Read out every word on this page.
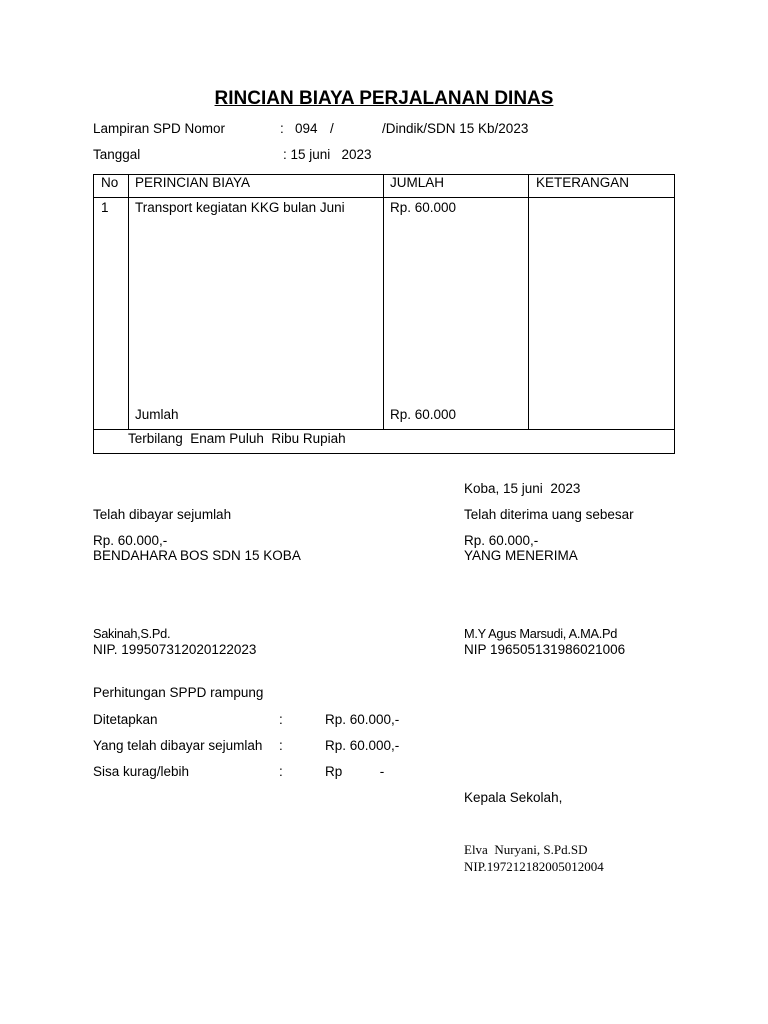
RINCIAN BIAYA PERJALANAN DINAS
Lampiran SPD Nomor	: 094 /	/Dindik/SDN 15 Kb/2023
Tanggal	: 15 juni   2023
No PERINCIAN BIAYA	JUMLAH	KETERANGAN
1 Transport kegiatan KKG bulan Juni	Rp. 60.000
Jumlah	Rp. 60.000
Terbilang  Enam Puluh  Ribu Rupiah
Koba, 15 juni  2023
Telah dibayar sejumlah
Rp. 60.000,-
BENDAHARA BOS SDN 15 KOBA
Sakinah,S.Pd.
NIP. 199507312020122023
Telah diterima uang sebesar
Rp. 60.000,-
YANG MENERIMA
M.Y Agus Marsudi, A.MA.Pd
NIP 196505131986021006
Perhitungan SPPD rampung
Ditetapkan	:	Rp. 60.000,-
Yang telah dibayar sejumlah :	Rp. 60.000,-
Sisa kurag/lebih	:	Rp          -
Kepala Sekolah,
Elva  Nuryani, S.Pd.SD
NIP.197212182005012004
